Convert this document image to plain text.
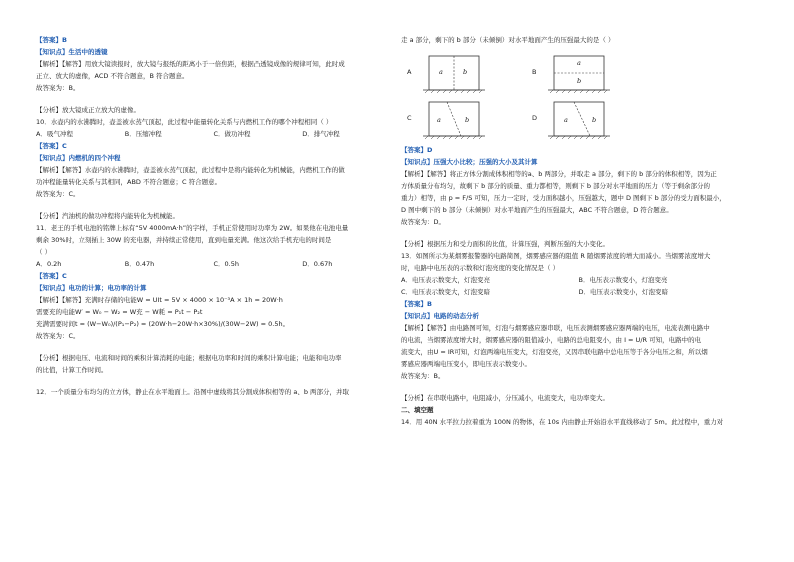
【答案】B
【知识点】生活中的透镜
【解析】【解答】用放大镜读报时，放大镜与报纸的距离小于一倍焦距，根据凸透镜成像的规律可知，此时成
正立、放大的虚像，ACD 不符合题意，B 符合题意。
故答案为：B。
【分析】放大镜成正立放大的虚像。
10．水壶内的水沸腾时，壶盖被水蒸气顶起，此过程中能量转化关系与内燃机工作的哪个冲程相同（ ）
A．吸气冲程	B．压缩冲程	C．做功冲程	D．排气冲程
【答案】C
【知识点】内燃机的四个冲程
【解析】【解答】水壶内的水沸腾时，壶盖被水蒸气顶起，此过程中是将内能转化为机械能，内燃机工作的做
功冲程能量转化关系与其相同，ABD 不符合题意；C 符合题意。
故答案为：C。
【分析】汽油机的做功冲程将内能转化为机械能。
11．老王的手机电池的铭牌上标有“5V 4000mA·h”的字样，手机正常使用时功率为 2W。如果他在电池电量
剩余 30%时，立刻插上 30W 的充电器，并持续正常使用，直到电量充满。他这次给手机充电的时间是
（ ）
A．0.2h	B．0.47h	C．0.5h	D．0.67h
【答案】C
【知识点】电功的计算；电功率的计算
【解析】【解答】充满时存储的电能W = UIt = 5V × 4000 × 10⁻³A × 1h = 20W·h
需要充的电能W′ = W₀ − W₂ = W充 − W耗 = P₁t − P₂t
充满需要时间t = (W−W₀)/(P₁−P₂) = (20W·h−20W·h×30%)/(30W−2W) = 0.5h。
故答案为：C。
【分析】根据电压、电流和时间的乘积计算消耗的电能；根据电功率和时间的乘积计算电能；电能和电功率
的比值，计算工作时间。
12．一个质量分布均匀的立方体，静止在水平地面上。沿图中虚线将其分割成体积相等的 a、b 两部分，并取
走 a 部分，剩下的 b 部分（未倾倒）对水平地面产生的压强最大的是（ ）
A	a	b	B
a
b
C	a	b	D	a	b
【答案】D
【知识点】压强大小比较；压强的大小及其计算
【解析】【解答】将正方体分割成体积相等的a、b 两部分，并取走 a 部分，剩下的 b 部分的体积相等，因为正
方体质量分布均匀，故剩下 b 部分的质量、重力都相等，则剩下 b 部分对水平地面的压力（等于剩余部分的
重力）相等，由 p = F/S 可知，压力一定时，受力面积越小，压强越大，题中 D 图剩下 b 部分的受力面积最小，
D 图中剩下的 b 部分（未倾倒）对水平地面产生的压强最大，ABC 不符合题意，D 符合题意。
故答案为：D。
【分析】根据压力和受力面积的比值，计算压强，判断压强的大小变化。
13．如图所示为某烟雾报警器的电路简图，烟雾感应器的阻值 R 随烟雾浓度的增大而减小。当烟雾浓度增大
时，电路中电压表的示数和灯泡亮度的变化情况是（ ）
A．电压表示数变大，灯泡变亮	B．电压表示数变小，灯泡变亮
C．电压表示数变大，灯泡变暗	D．电压表示数变小，灯泡变暗
【答案】B
【知识点】电路的动态分析
【解析】【解答】由电路图可知，灯泡与烟雾感应器串联，电压表测烟雾感应器两端的电压，电流表测电路中
的电流，当烟雾浓度增大时，烟雾感应器的阻值减小，电路的总电阻变小，由 I = U/R 可知，电路中的电
流变大，由U = IR可知，灯泡两端电压变大，灯泡变亮，又因串联电路中总电压等于各分电压之和，所以烟
雾感应器两端电压变小，即电压表示数变小。
故答案为：B。
【分析】在串联电路中，电阻减小，分压减小，电流变大，电功率变大。
二、填空题
14．用 40N 水平拉力拉着重为 100N 的物体，在 10s 内由静止开始沿水平直线移动了 5m。此过程中，重力对
